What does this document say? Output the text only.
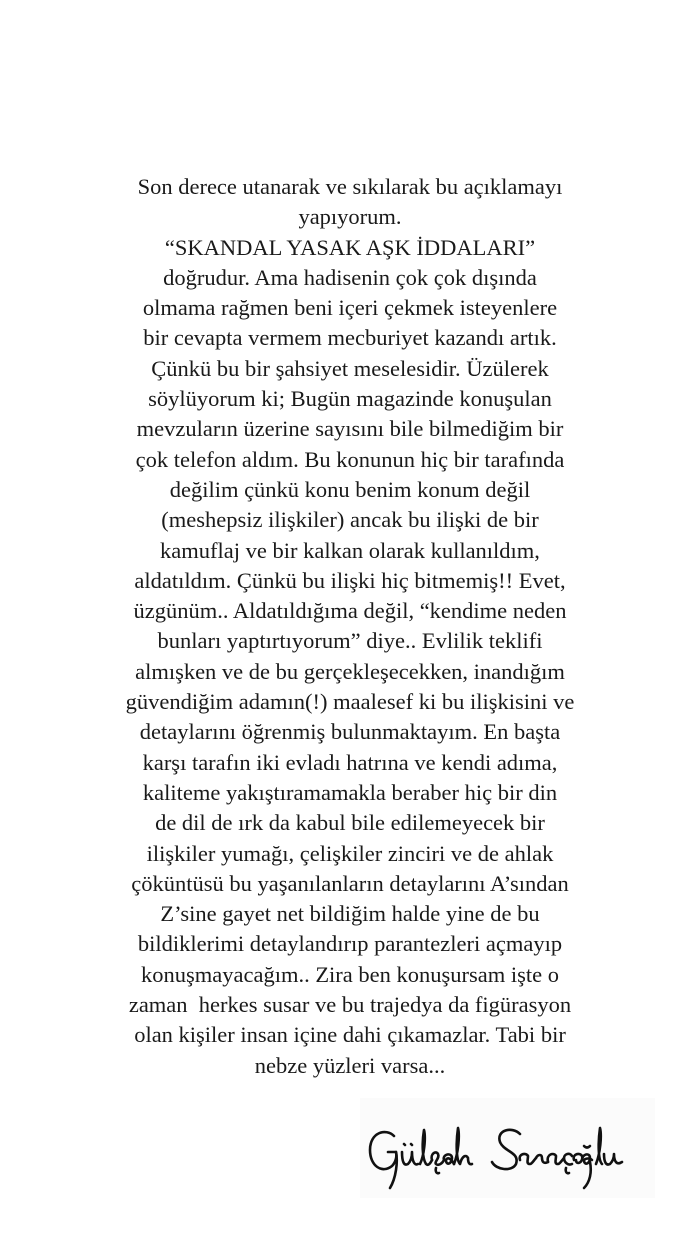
Son derece utanarak ve sıkılarak bu açıklamayı
yapıyorum.
“SKANDAL YASAK AŞK İDDALARI”
doğrudur. Ama hadisenin çok çok dışında
olmama rağmen beni içeri çekmek isteyenlere
bir cevapta vermem mecburiyet kazandı artık.
Çünkü bu bir şahsiyet meselesidir. Üzülerek
söylüyorum ki; Bugün magazinde konuşulan
mevzuların üzerine sayısını bile bilmediğim bir
çok telefon aldım. Bu konunun hiç bir tarafında
değilim çünkü konu benim konum değil
(meshepsiz ilişkiler) ancak bu ilişki de bir
kamuflaj ve bir kalkan olarak kullanıldım,
aldatıldım. Çünkü bu ilişki hiç bitmemiş!! Evet,
üzgünüm.. Aldatıldığıma değil, “kendime neden
bunları yaptırtıyorum” diye.. Evlilik teklifi
almışken ve de bu gerçekleşecekken, inandığım
güvendiğim adamın(!) maalesef ki bu ilişkisini ve
detaylarını öğrenmiş bulunmaktayım. En başta
karşı tarafın iki evladı hatrına ve kendi adıma,
kaliteme yakıştıramamakla beraber hiç bir din
de dil de ırk da kabul bile edilemeyecek bir
ilişkiler yumağı, çelişkiler zinciri ve de ahlak
çöküntüsü bu yaşanılanların detaylarını A’sından
Z’sine gayet net bildiğim halde yine de bu
bildiklerimi detaylandırıp parantezleri açmayıp
konuşmayacağım.. Zira ben konuşursam işte o
zaman  herkes susar ve bu trajedya da figürasyon
olan kişiler insan içine dahi çıkamazlar. Tabi bir
nebze yüzleri varsa...
